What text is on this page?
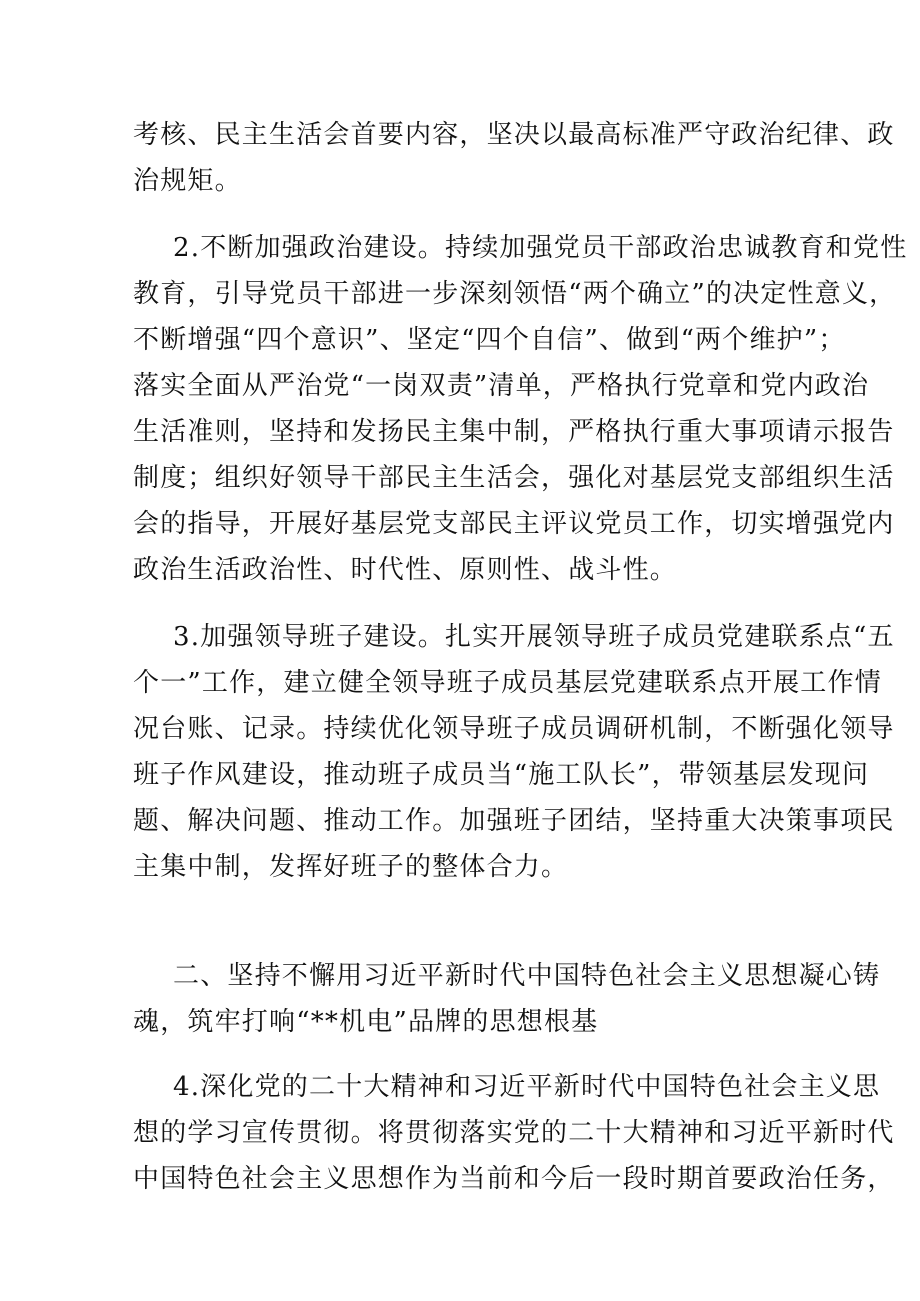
考核、民主生活会首要内容，坚决以最高标准严守政治纪律、政
治规矩。
2.不断加强政治建设。持续加强党员干部政治忠诚教育和党性
教育，引导党员干部进一步深刻领悟“两个确立”的决定性意义，
不断增强“四个意识”、坚定“四个自信”、做到“两个维护”；
落实全面从严治党“一岗双责”清单，严格执行党章和党内政治
生活准则，坚持和发扬民主集中制，严格执行重大事项请示报告
制度；组织好领导干部民主生活会，强化对基层党支部组织生活
会的指导，开展好基层党支部民主评议党员工作，切实增强党内
政治生活政治性、时代性、原则性、战斗性。
3.加强领导班子建设。扎实开展领导班子成员党建联系点“五
个一”工作，建立健全领导班子成员基层党建联系点开展工作情
况台账、记录。持续优化领导班子成员调研机制，不断强化领导
班子作风建设，推动班子成员当“施工队长”，带领基层发现问
题、解决问题、推动工作。加强班子团结，坚持重大决策事项民
主集中制，发挥好班子的整体合力。
二、坚持不懈用习近平新时代中国特色社会主义思想凝心铸
魂，筑牢打响“**机电”品牌的思想根基
4.深化党的二十大精神和习近平新时代中国特色社会主义思
想的学习宣传贯彻。将贯彻落实党的二十大精神和习近平新时代
中国特色社会主义思想作为当前和今后一段时期首要政治任务，
